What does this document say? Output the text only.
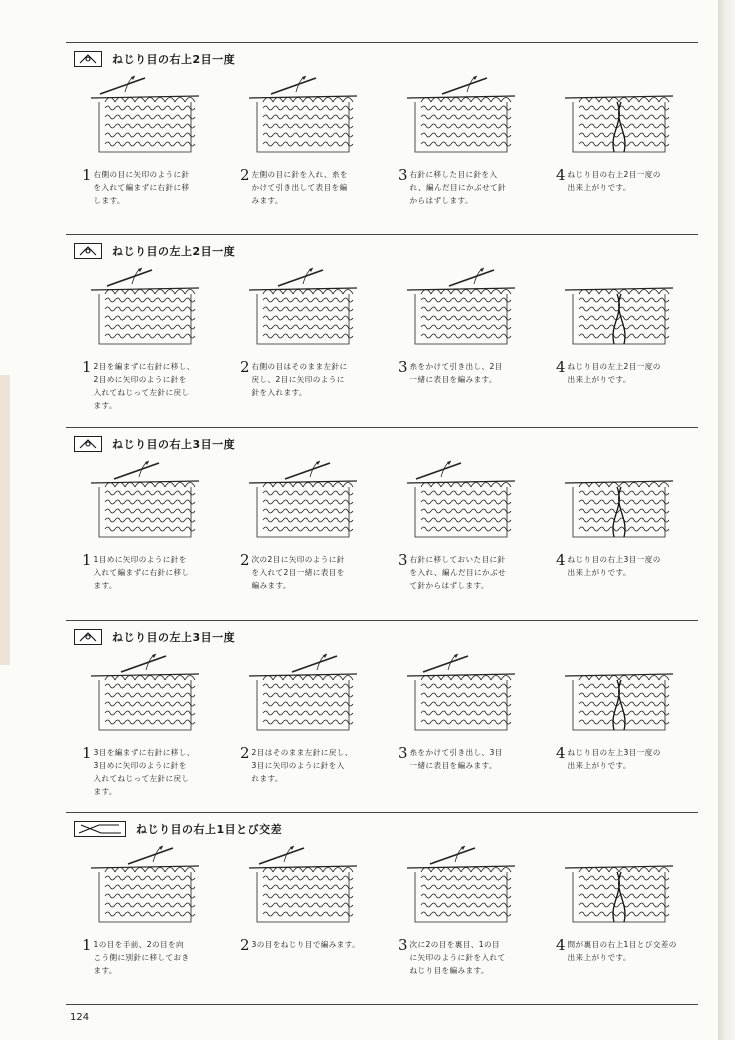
ねじり目の右上2目一度
1 右側の目に矢印のように針
を入れて編まずに右針に移
します。
2 左側の目に針を入れ、糸を
かけて引き出して表目を編
みます。
3 右針に移した目に針を入
れ、編んだ目にかぶせて針
からはずします。
4 ねじり目の右上2目一度の
出来上がりです。
ねじり目の左上2目一度
1 2目を編まずに右針に移し、
2目めに矢印のように針を
入れてねじって左針に戻し
ます。
2 右側の目はそのまま左針に
戻し、2目に矢印のように
針を入れます。
3 糸をかけて引き出し、2目
一緒に表目を編みます。
4 ねじり目の左上2目一度の
出来上がりです。
ねじり目の右上3目一度
1 1目めに矢印のように針を
入れて編まずに右針に移し
ます。
2 次の2目に矢印のように針
を入れて2目一緒に表目を
編みます。
3 右針に移しておいた目に針
を入れ、編んだ目にかぶせ
て針からはずします。
4 ねじり目の右上3目一度の
出来上がりです。
ねじり目の左上3目一度
1 3目を編まずに右針に移し、
3目めに矢印のように針を
入れてねじって左針に戻し
ます。
2 2目はそのまま左針に戻し、
3目に矢印のように針を入
れます。
3 糸をかけて引き出し、3目
一緒に表目を編みます。
4 ねじり目の左上3目一度の
出来上がりです。
ねじり目の右上1目とび交差
1 1の目を手前、2の目を向
こう側に別針に移しておき
ます。
2 3の目をねじり目で編みます。	3 次に2の目を裏目、1の目
に矢印のように針を入れて
ねじり目を編みます。
4 問が裏目の右上1目とび交差の
出来上がりです。
124
